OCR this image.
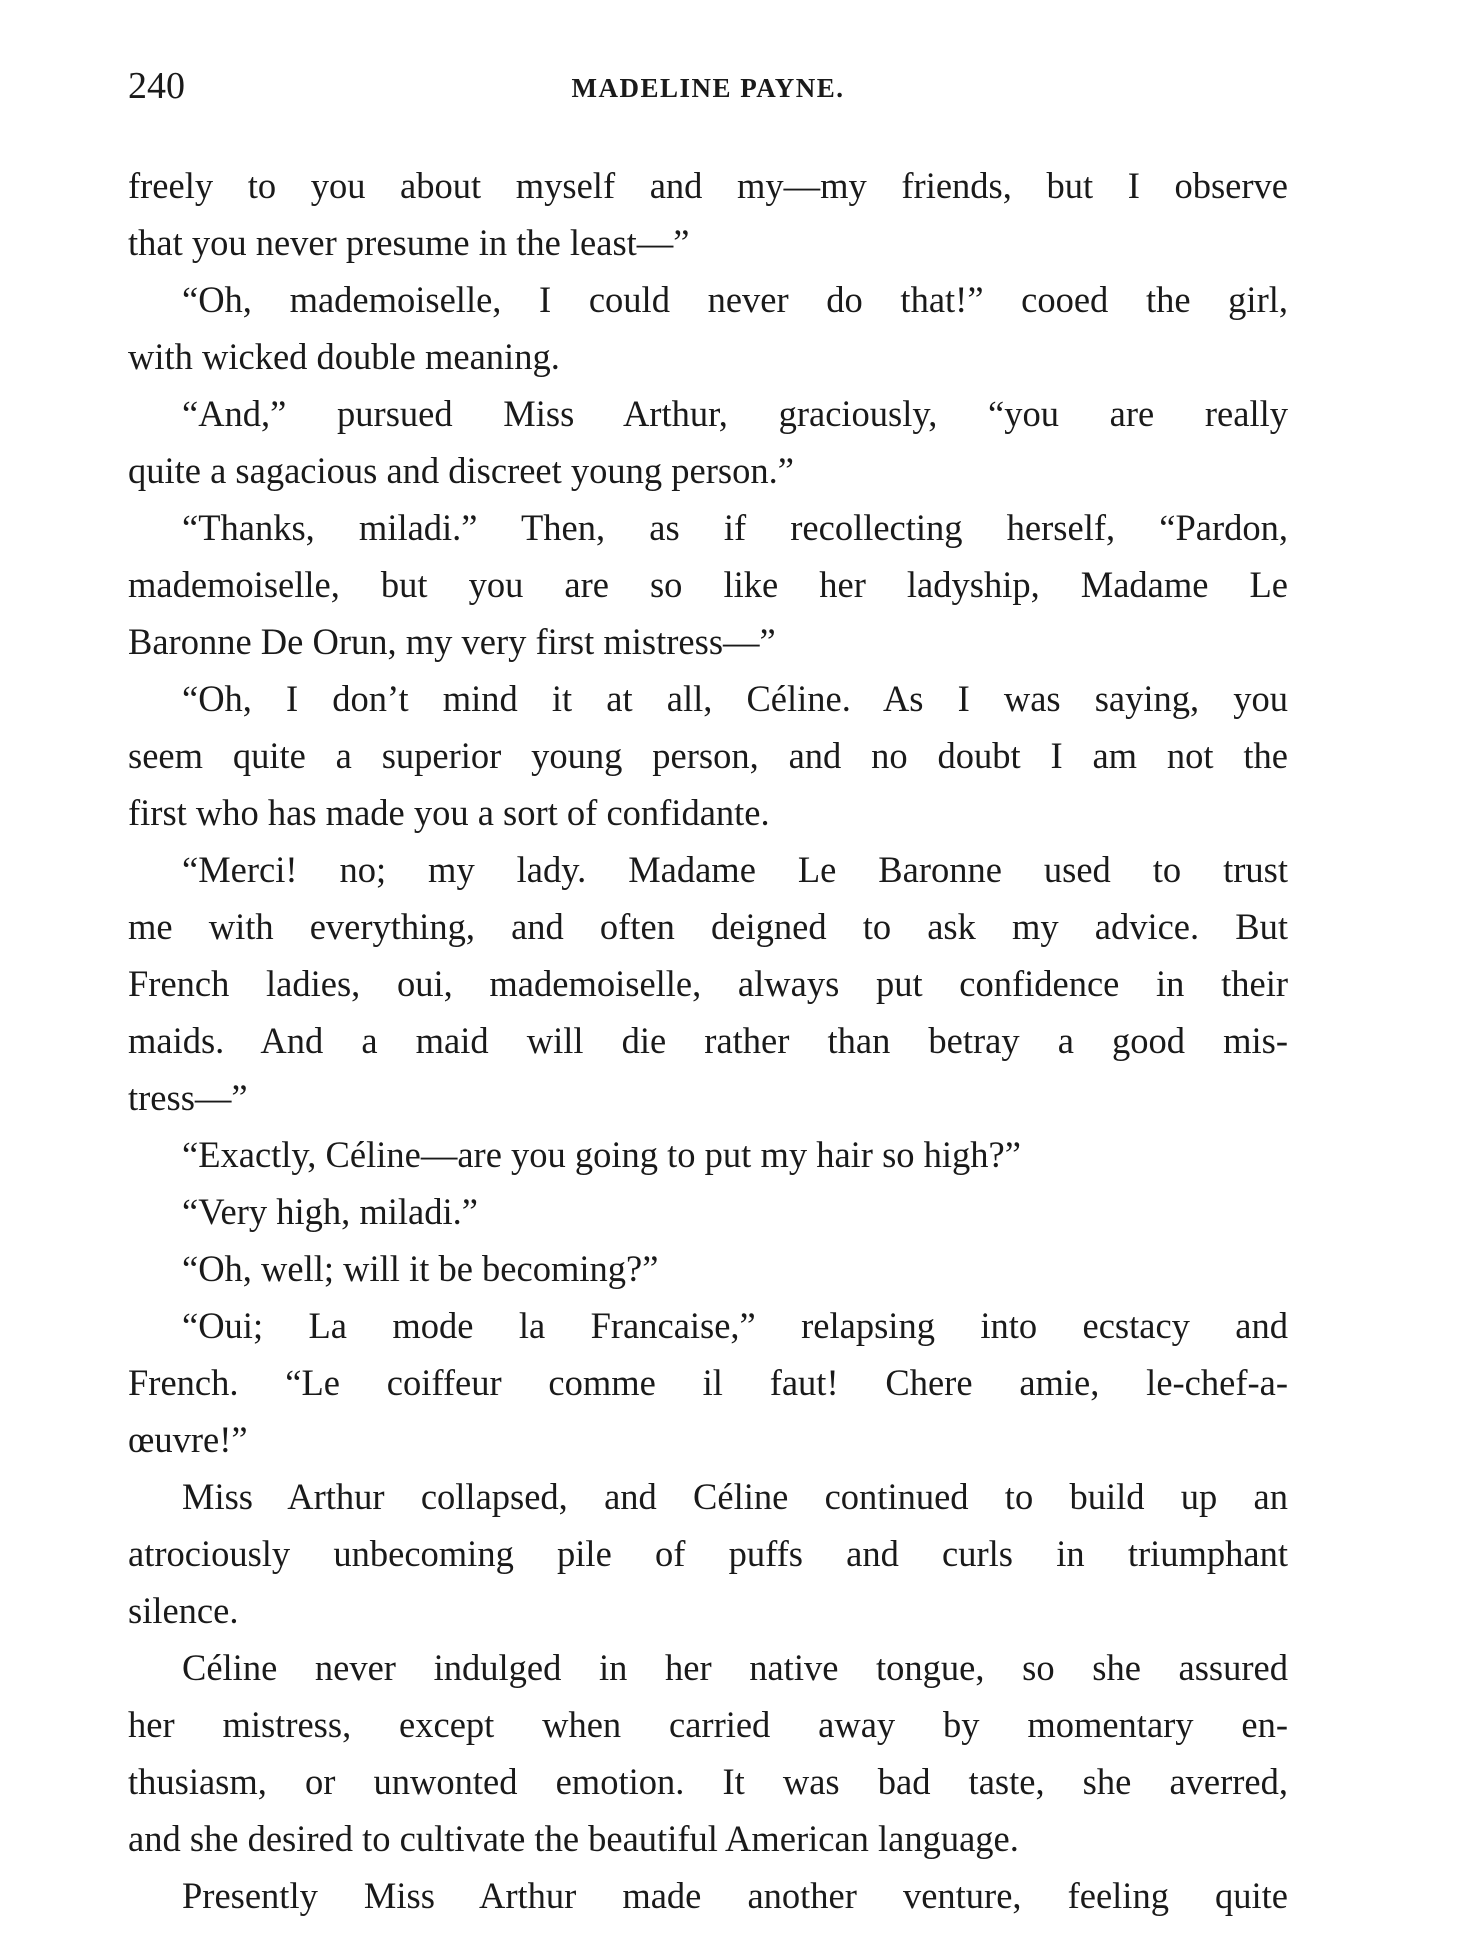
240	MADELINE PAYNE.
freely to you about myself and my—my friends, but I observe
that you never presume in the least—”
“Oh, mademoiselle, I could never do that!” cooed the girl,
with wicked double meaning.
“And,” pursued Miss Arthur, graciously, “you are really
quite a sagacious and discreet young person.”
“Thanks, miladi.” Then, as if recollecting herself, “Pardon,
mademoiselle, but you are so like her ladyship, Madame Le
Baronne De Orun, my very first mistress—”
“Oh, I don’t mind it at all, Céline. As I was saying, you
seem quite a superior young person, and no doubt I am not the
first who has made you a sort of confidante.
“Merci! no; my lady. Madame Le Baronne used to trust
me with everything, and often deigned to ask my advice. But
French ladies, oui, mademoiselle, always put confidence in their
maids. And a maid will die rather than betray a good mis-
tress—”
“Exactly, Céline—are you going to put my hair so high?”
“Very high, miladi.”
“Oh, well; will it be becoming?”
“Oui; La mode la Francaise,” relapsing into ecstacy and
French. “Le coiffeur comme il faut! Chere amie, le-chef-a-
œuvre!”
Miss Arthur collapsed, and Céline continued to build up an
atrociously unbecoming pile of puffs and curls in triumphant
silence.
Céline never indulged in her native tongue, so she assured
her mistress, except when carried away by momentary en-
thusiasm, or unwonted emotion. It was bad taste, she averred,
and she desired to cultivate the beautiful American language.
Presently Miss Arthur made another venture, feeling quite
